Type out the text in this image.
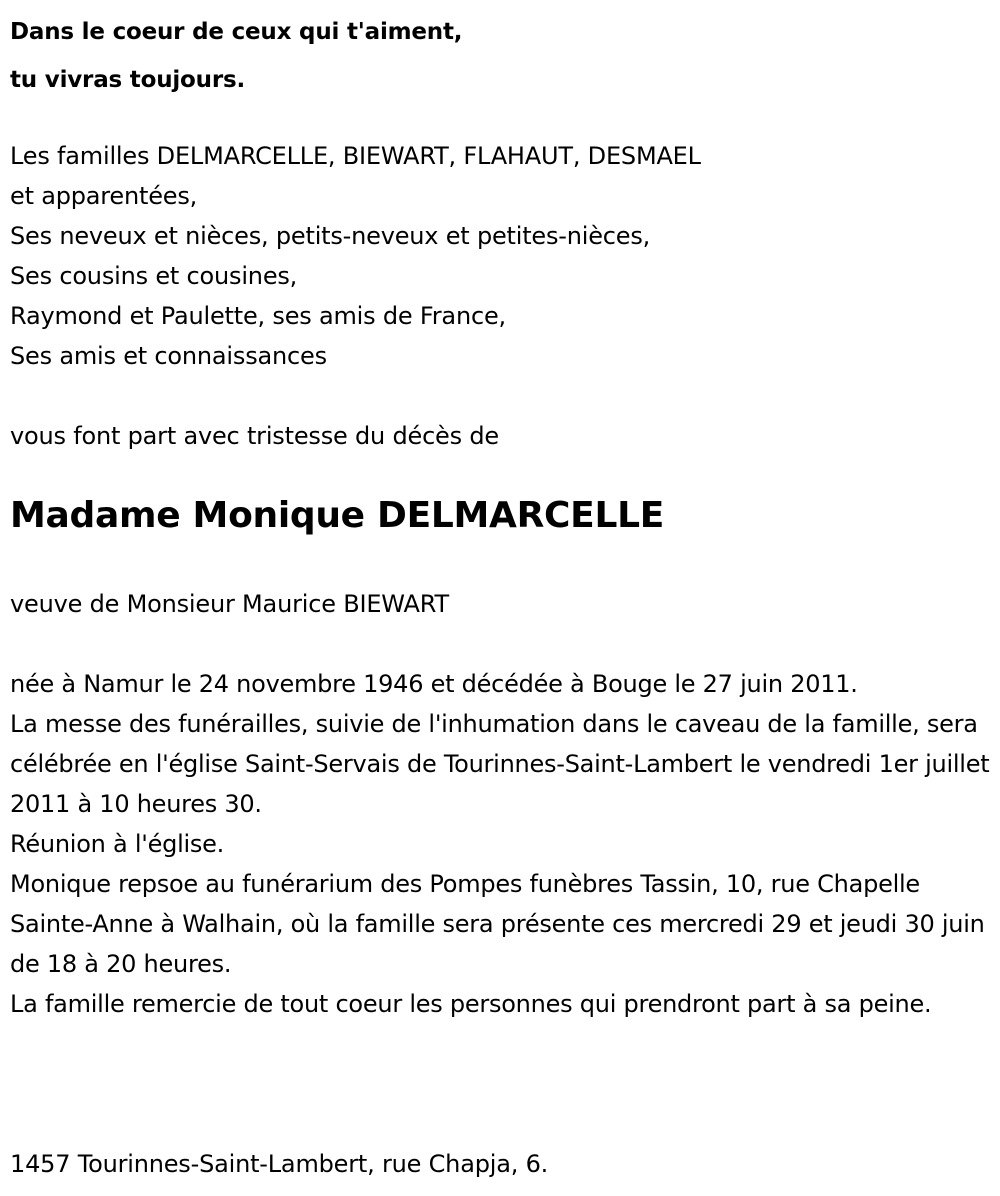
Dans le coeur de ceux qui t'aiment,
tu vivras toujours.
Les familles DELMARCELLE, BIEWART, FLAHAUT, DESMAEL
et apparentées,
Ses neveux et nièces, petits-neveux et petites-nièces,
Ses cousins et cousines,
Raymond et Paulette, ses amis de France,
Ses amis et connaissances
vous font part avec tristesse du décès de
Madame Monique DELMARCELLE
veuve de Monsieur Maurice BIEWART

née à Namur le 24 novembre 1946 et décédée à Bouge le 27 juin 2011.

La messe des funérailles, suivie de l'inhumation dans le caveau de la famille, sera célébrée en l'église Saint-Servais de Tourinnes-Saint-Lambert le vendredi 1er juillet 2011 à 10 heures 30.

Réunion à l'église.

Monique repsoe au funérarium des Pompes funèbres Tassin, 10, rue Chapelle Sainte-Anne à Walhain, où la famille sera présente ces mercredi 29 et jeudi 30 juin de 18 à 20 heures.

La famille remercie de tout coeur les personnes qui prendront part à sa peine.

1457 Tourinnes-Saint-Lambert, rue Chapja, 6.
